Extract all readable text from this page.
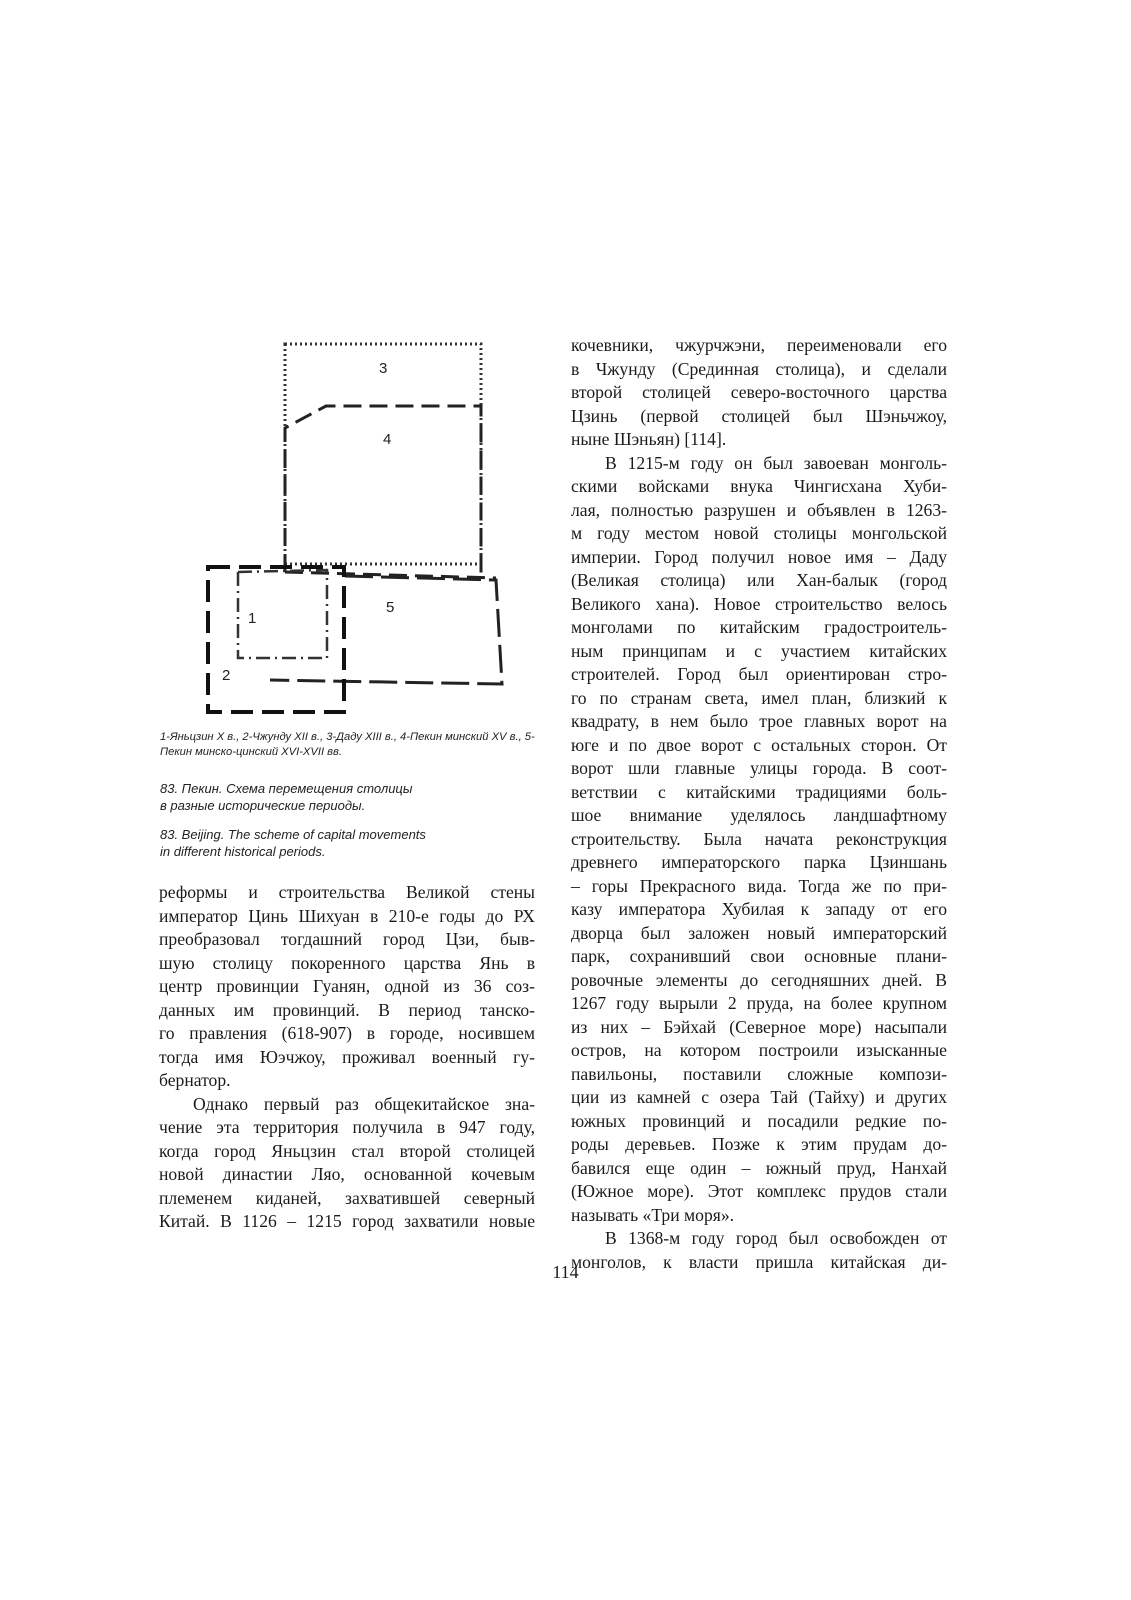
3
4
5
1
2
1-Яньцзин X в., 2-Чжунду XII в., 3-Даду XIII в., 4-Пекин минский XV в., 5-Пекин минско-цинский XVI-XVII вв.

83. Пекин. Схема перемещения столицы

в разные исторические периоды.

83. Beijing. The scheme of capital movements

in different historical periods.

реформы и строительства Великой стены
император Цинь Шихуан в 210-е годы до РХ
преобразовал тогдашний город Цзи, быв-
шую столицу покоренного царства Янь в
центр провинции Гуанян, одной из 36 соз-
данных им провинций. В период танско-
го правления (618-907) в городе, носившем
тогда имя Юэчжоу, проживал военный гу-
бернатор.

Однако первый раз общекитайское зна-
чение эта территория получила в 947 году,
когда город Яньцзин стал второй столицей
новой династии Ляо, основанной кочевым
племенем киданей, захватившей северный
Китай. В 1126 – 1215 город захватили новые

кочевники, чжурчжэни, переименовали его
в Чжунду (Срединная столица), и сделали
второй столицей северо-восточного царства
Цзинь (первой столицей был Шэньчжоу,
ныне Шэньян) [114].

В 1215-м году он был завоеван монголь-
скими войсками внука Чингисхана Хуби-
лая, полностью разрушен и объявлен в 1263-
м году местом новой столицы монгольской
империи. Город получил новое имя – Даду
(Великая столица) или Хан-балык (город
Великого хана). Новое строительство велось
монголами по китайским градостроитель-
ным принципам и с участием китайских
строителей. Город был ориентирован стро-
го по странам света, имел план, близкий к
квадрату, в нем было трое главных ворот на
юге и по двое ворот с остальных сторон. От
ворот шли главные улицы города. В соот-
ветствии с китайскими традициями боль-
шое внимание уделялось ландшафтному
строительству. Была начата реконструкция
древнего императорского парка Цзиншань
– горы Прекрасного вида. Тогда же по при-
казу императора Хубилая к западу от его
дворца был заложен новый императорский
парк, сохранивший свои основные плани-
ровочные элементы до сегодняшних дней. В
1267 году вырыли 2 пруда, на более крупном
из них – Бэйхай (Северное море) насыпали
остров, на котором построили изысканные
павильоны, поставили сложные компози-
ции из камней с озера Тай (Тайху) и других
южных провинций и посадили редкие по-
роды деревьев. Позже к этим прудам до-
бавился еще один – южный пруд, Нанхай
(Южное море). Этот комплекс прудов стали
называть «Три моря».

В 1368-м году город был освобожден от
монголов, к власти пришла китайская ди-

114
